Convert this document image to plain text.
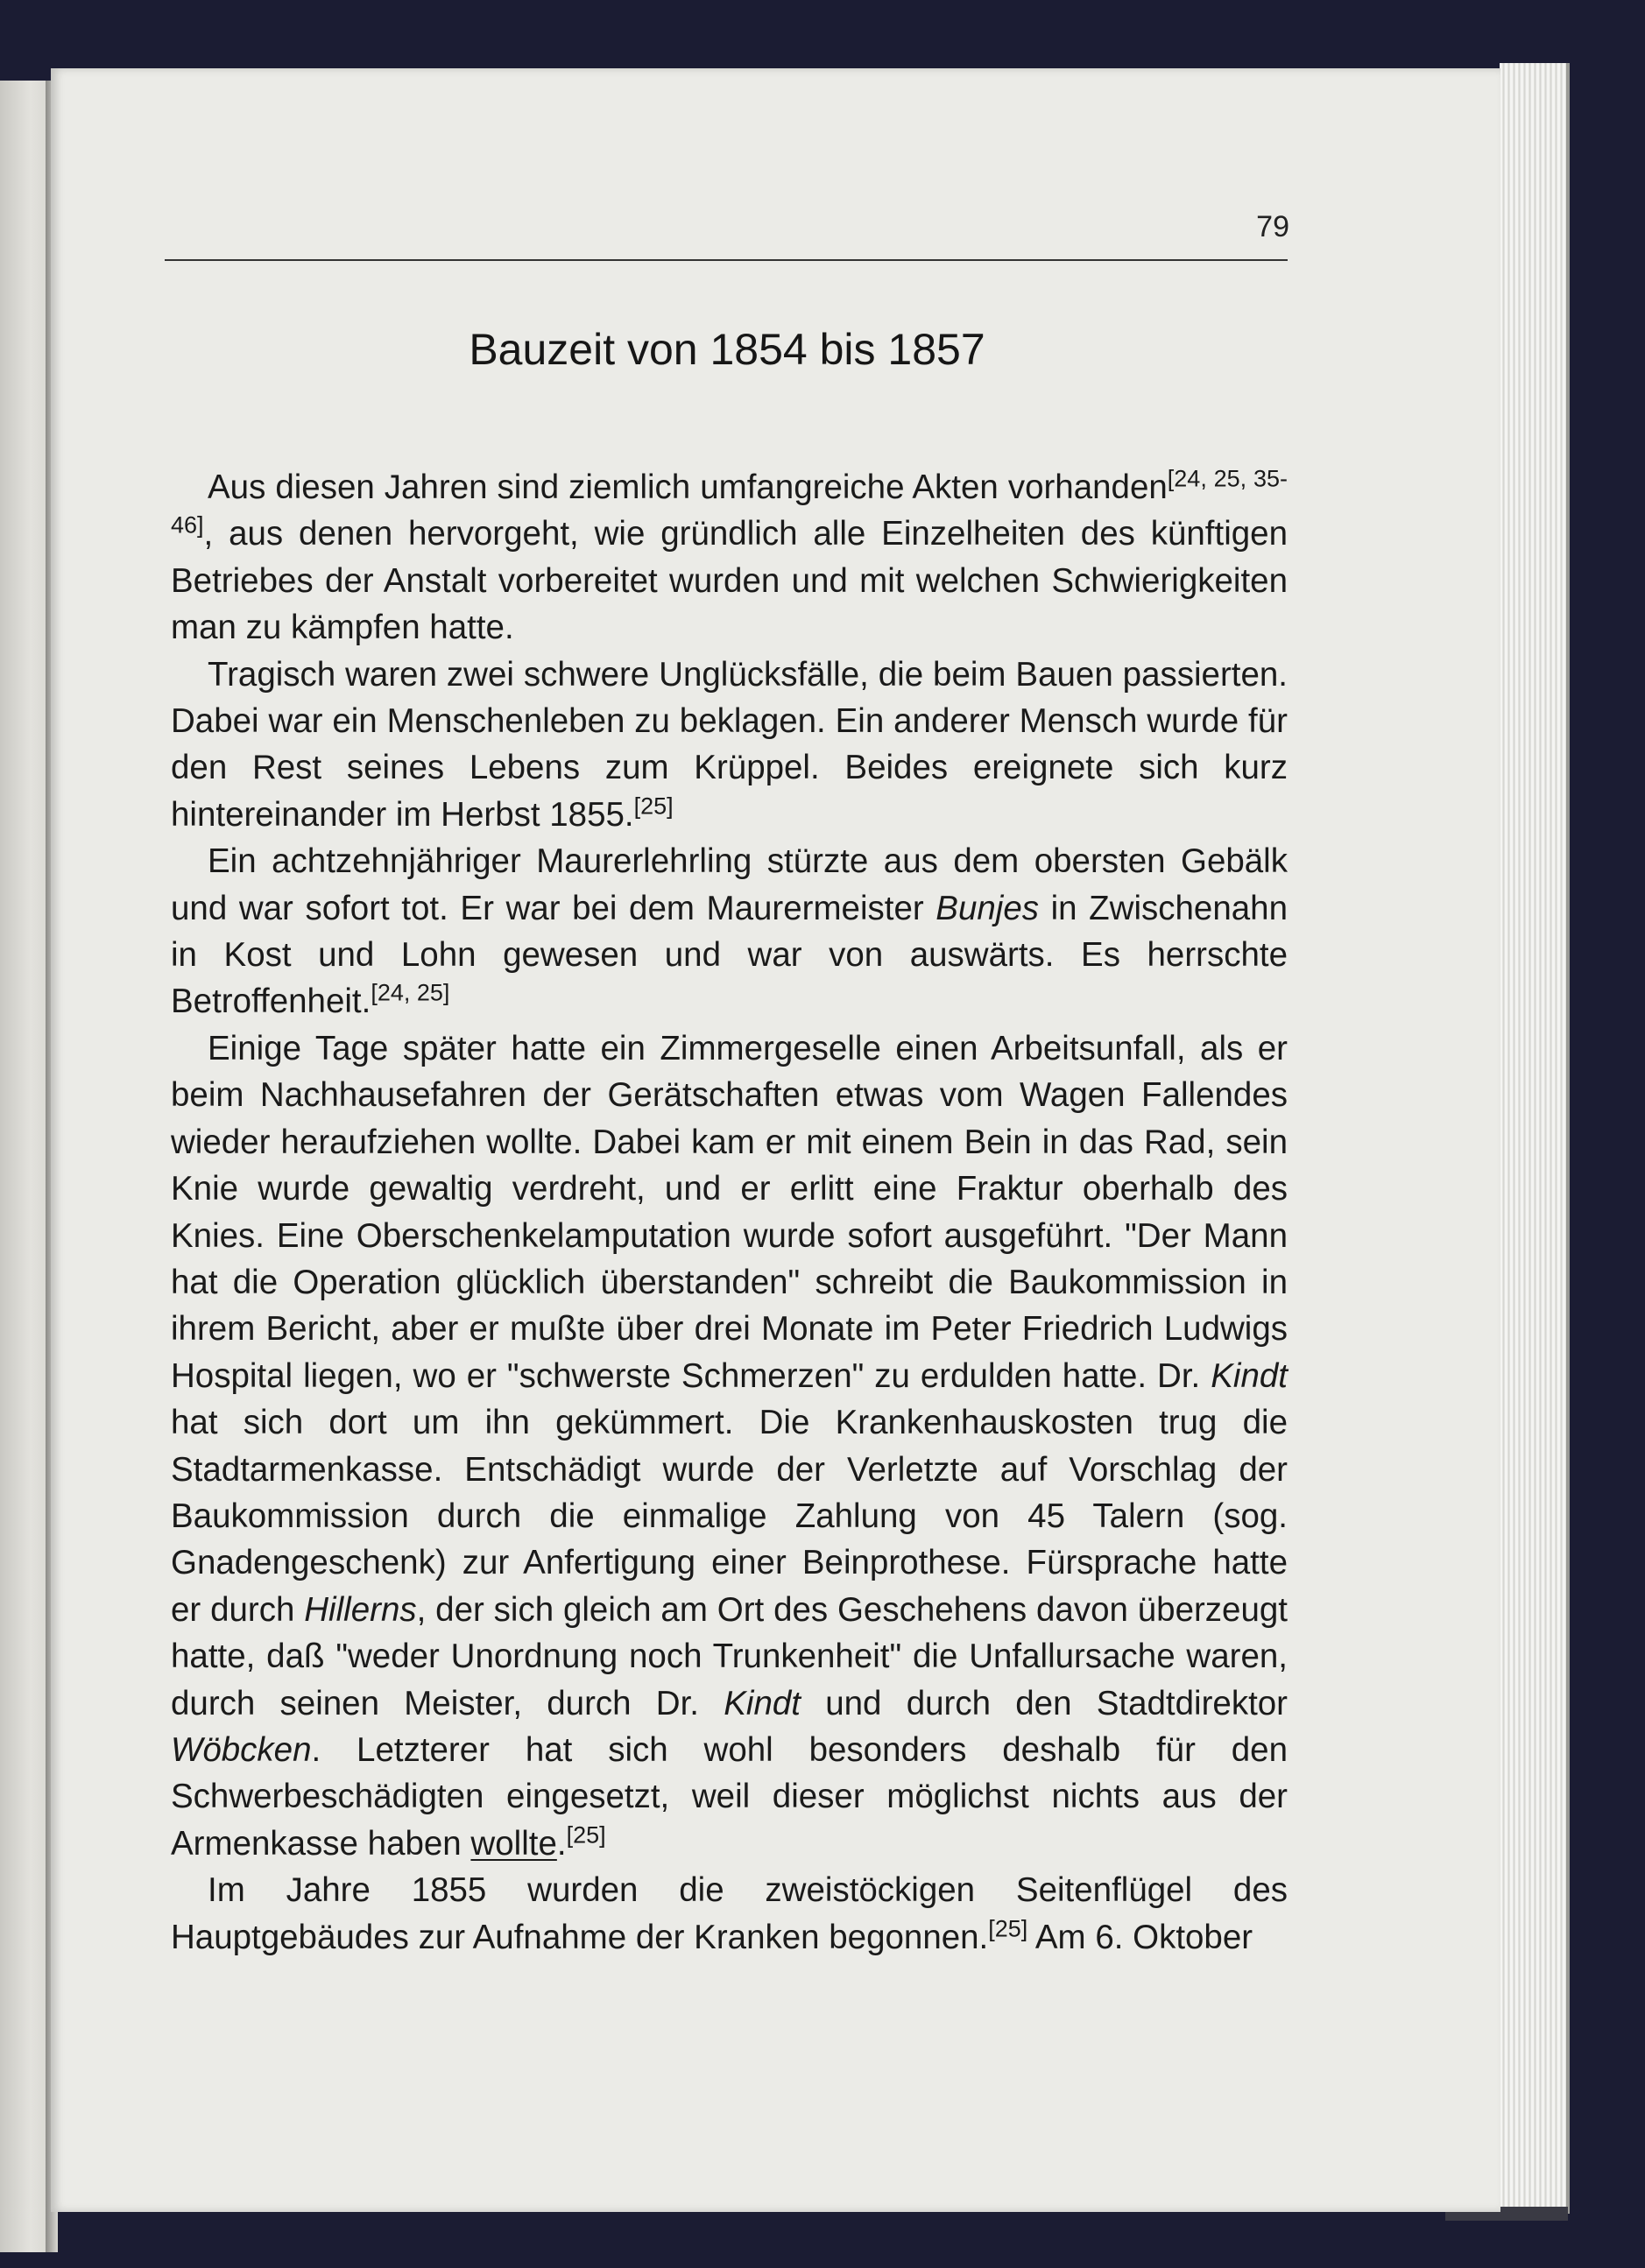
79
Bauzeit von 1854 bis 1857

Aus diesen Jahren sind ziemlich umfangreiche Akten vorhanden[24, 25, 35-46], aus denen hervorgeht, wie gründlich alle Einzelheiten des künftigen Betriebes der Anstalt vorbereitet wurden und mit welchen Schwierigkeiten man zu kämpfen hatte.

Tragisch waren zwei schwere Unglücksfälle, die beim Bauen passierten. Dabei war ein Menschenleben zu beklagen. Ein anderer Mensch wurde für den Rest seines Lebens zum Krüppel. Beides ereignete sich kurz hintereinander im Herbst 1855.[25]

Ein achtzehnjähriger Maurerlehrling stürzte aus dem obersten Gebälk und war sofort tot. Er war bei dem Maurermeister Bunjes in Zwischenahn in Kost und Lohn gewesen und war von auswärts. Es herrschte Betroffenheit.[24, 25]

Einige Tage später hatte ein Zimmergeselle einen Arbeitsunfall, als er beim Nachhausefahren der Gerätschaften etwas vom Wagen Fallendes wieder heraufziehen wollte. Dabei kam er mit einem Bein in das Rad, sein Knie wurde gewaltig verdreht, und er erlitt eine Fraktur oberhalb des Knies. Eine Oberschenkelamputation wurde sofort ausgeführt. "Der Mann hat die Operation glücklich überstanden" schreibt die Baukommission in ihrem Bericht, aber er mußte über drei Monate im Peter Friedrich Ludwigs Hospital liegen, wo er "schwerste Schmerzen" zu erdulden hatte. Dr. Kindt hat sich dort um ihn gekümmert. Die Krankenhauskosten trug die Stadtarmenkasse. Entschädigt wurde der Verletzte auf Vorschlag der Baukommission durch die einmalige Zahlung von 45 Talern (sog. Gnadengeschenk) zur Anfertigung einer Beinprothese. Fürsprache hatte er durch Hillerns, der sich gleich am Ort des Geschehens davon überzeugt hatte, daß "weder Unordnung noch Trunkenheit" die Unfallursache waren, durch seinen Meister, durch Dr. Kindt und durch den Stadtdirektor Wöbcken. Letzterer hat sich wohl besonders deshalb für den Schwerbeschädigten eingesetzt, weil dieser möglichst nichts aus der Armenkasse haben wollte.[25]

Im Jahre 1855 wurden die zweistöckigen Seitenflügel des Hauptgebäudes zur Aufnahme der Kranken begonnen.[25] Am 6. Oktober
